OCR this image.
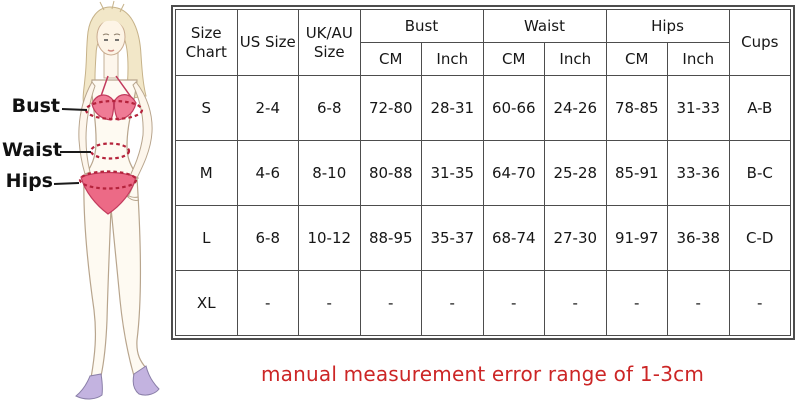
Bust
Waist
Hips
Size Chart	US Size	UK/AU Size	Bust		Waist		Hips		Cups
			CM	Inch	CM	Inch	CM	Inch	
S	2-4	6-8	72-80	28-31	60-66	24-26	78-85	31-33	A-B
M	4-6	8-10	80-88	31-35	64-70	25-28	85-91	33-36	B-C
L	6-8	10-12	88-95	35-37	68-74	27-30	91-97	36-38	C-D
XL	-	-	-	-	-	-	-	-	-
manual measurement error range of 1-3cm
